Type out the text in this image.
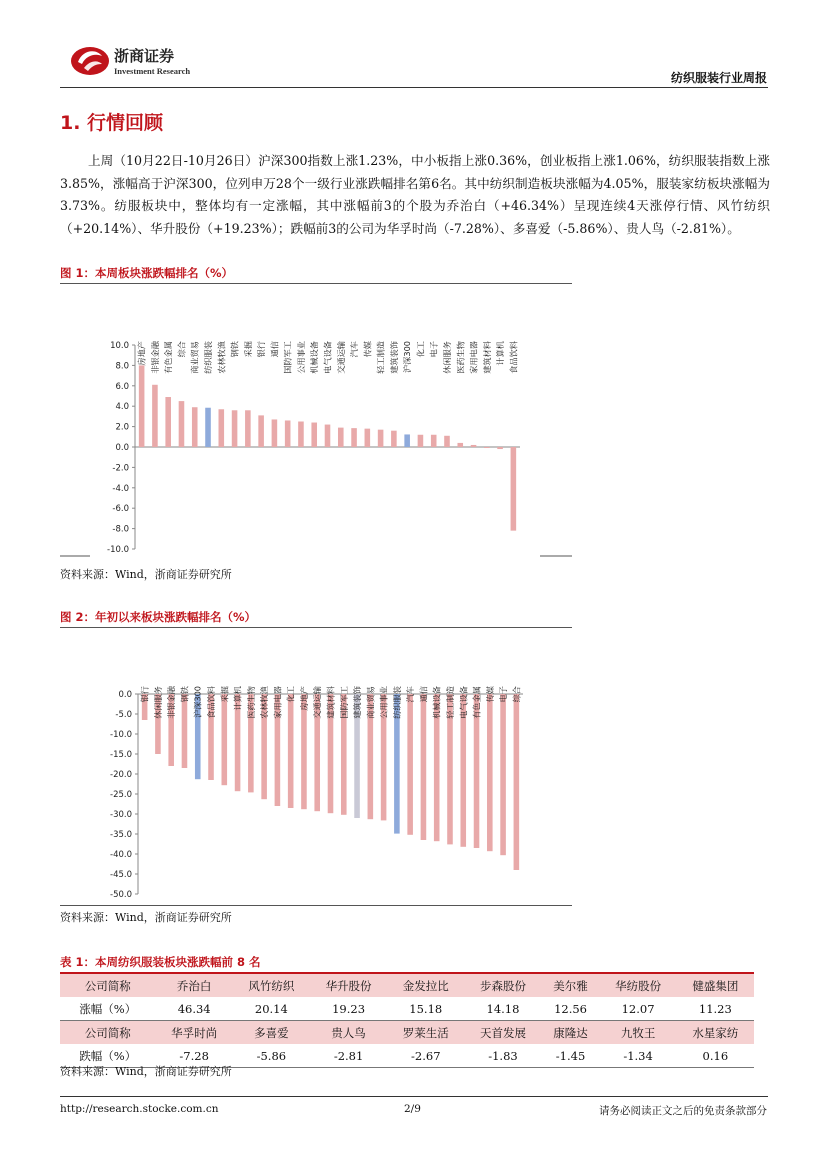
浙商证券
Investment Research	纺织服装行业周报
1. 行情回顾
上周（10月22日-10月26日）沪深300指数上涨1.23%，中小板指上涨0.36%，创业板指上涨1.06%，纺织服装指数上涨3.85%，涨幅高于沪深300，位列申万28个一级行业涨跌幅排名第6名。其中纺织制造板块涨幅为4.05%，服装家纺板块涨幅为3.73%。纺服板块中，整体均有一定涨幅，其中涨幅前3的个股为乔治白（+46.34%）呈现连续4天涨停行情、风竹纺织（+20.14%）、华升股份（+19.23%）；跌幅前3的公司为华孚时尚（-7.28%）、多喜爱（-5.86%）、贵人鸟（-2.81%）。
图 1：本周板块涨跌幅排名（%）
10.0
8.0
6.0
4.0
2.0
0.0
-2.0
-4.0
-6.0
-8.0
-10.0
房地产 非银金融 有色金属 综合 商业贸易 纺织服装 农林牧渔 钢铁 采掘 银行 通信 国防军工 公用事业 机械设备 电气设备 交通运输 汽车 传媒 轻工制造 建筑装饰 沪深300 化工 电子 休闲服务 医药生物 家用电器 建筑材料 计算机 食品饮料
资料来源：Wind，浙商证券研究所
图 2：年初以来板块涨跌幅排名（%）
0.0
-5.0
-10.0
-15.0
-20.0
-25.0
-30.0
-35.0
-40.0
-45.0
-50.0
银行 休闲服务 非银金融 钢铁 沪深300 食品饮料 采掘 计算机 医药生物 农林牧渔 家用电器 化工 房地产 交通运输 建筑材料 国防军工 建筑装饰 商业贸易 公用事业 纺织服装 汽车 通信 机械设备 轻工制造 电气设备 有色金属 传媒 电子 综合
资料来源：Wind，浙商证券研究所
表 1：本周纺织服装板块涨跌幅前 8 名
公司简称	乔治白	风竹纺织	华升股份	金发拉比	步森股份	美尔雅	华纺股份	健盛集团
涨幅（%）	46.34	20.14	19.23	15.18	14.18	12.56	12.07	11.23
公司简称	华孚时尚	多喜爱	贵人鸟	罗莱生活	天首发展	康隆达	九牧王	水星家纺
跌幅（%）	-7.28	-5.86	-2.81	-2.67	-1.83	-1.45	-1.34	0.16
资料来源：Wind，浙商证券研究所
http://research.stocke.com.cn	2/9	请务必阅读正文之后的免责条款部分
